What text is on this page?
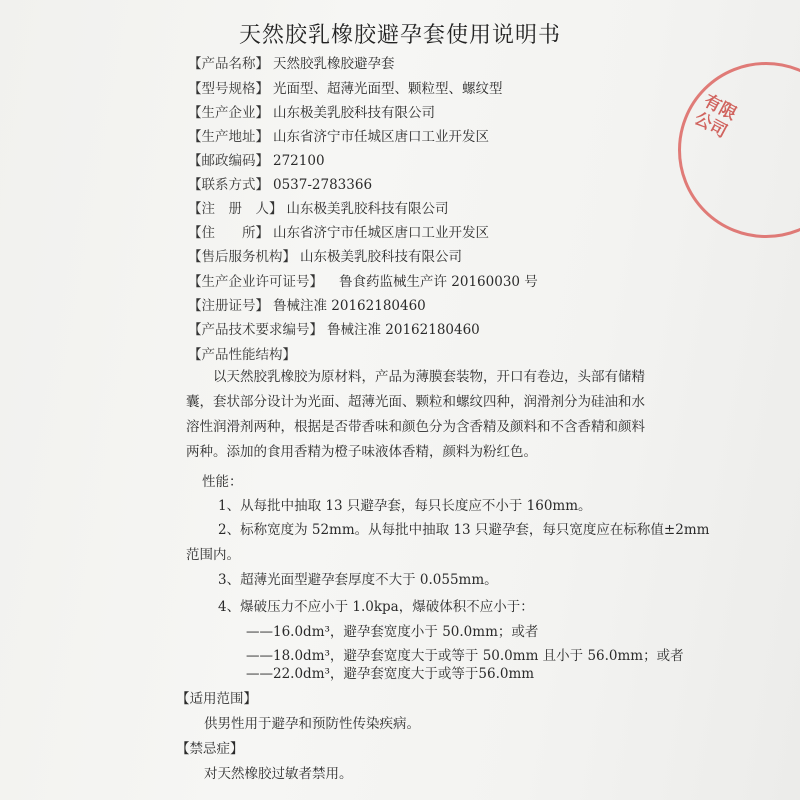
有限公司
天然胶乳橡胶避孕套使用说明书
【产品名称】 天然胶乳橡胶避孕套
【型号规格】 光面型、超薄光面型、颗粒型、螺纹型
【生产企业】 山东极美乳胶科技有限公司
【生产地址】 山东省济宁市任城区唐口工业开发区
【邮政编码】 272100
【联系方式】 0537-2783366
【注　册　人】 山东极美乳胶科技有限公司
【住　　所】 山东省济宁市任城区唐口工业开发区
【售后服务机构】 山东极美乳胶科技有限公司
【生产企业许可证号】 鲁食药监械生产许 20160030 号
【注册证号】 鲁械注准 20162180460
【产品技术要求编号】 鲁械注准 20162180460
【产品性能结构】
以天然胶乳橡胶为原材料，产品为薄膜套装物，开口有卷边，头部有储精囊，套状部分设计为光面、超薄光面、颗粒和螺纹四种，润滑剂分为硅油和水溶性润滑剂两种，根据是否带香味和颜色分为含香精及颜料和不含香精和颜料两种。添加的食用香精为橙子味液体香精，颜料为粉红色。
性能：
1、从每批中抽取 13 只避孕套，每只长度应不小于 160mm。
2、标称宽度为 52mm。从每批中抽取 13 只避孕套，每只宽度应在标称值±2mm
范围内。
3、超薄光面型避孕套厚度不大于 0.055mm。
4、爆破压力不应小于 1.0kpa，爆破体积不应小于：
——16.0dm³，避孕套宽度小于 50.0mm；或者
——18.0dm³，避孕套宽度大于或等于 50.0mm 且小于 56.0mm；或者
——22.0dm³，避孕套宽度大于或等于56.0mm
【适用范围】
供男性用于避孕和预防性传染疾病。
【禁忌症】
对天然橡胶过敏者禁用。
